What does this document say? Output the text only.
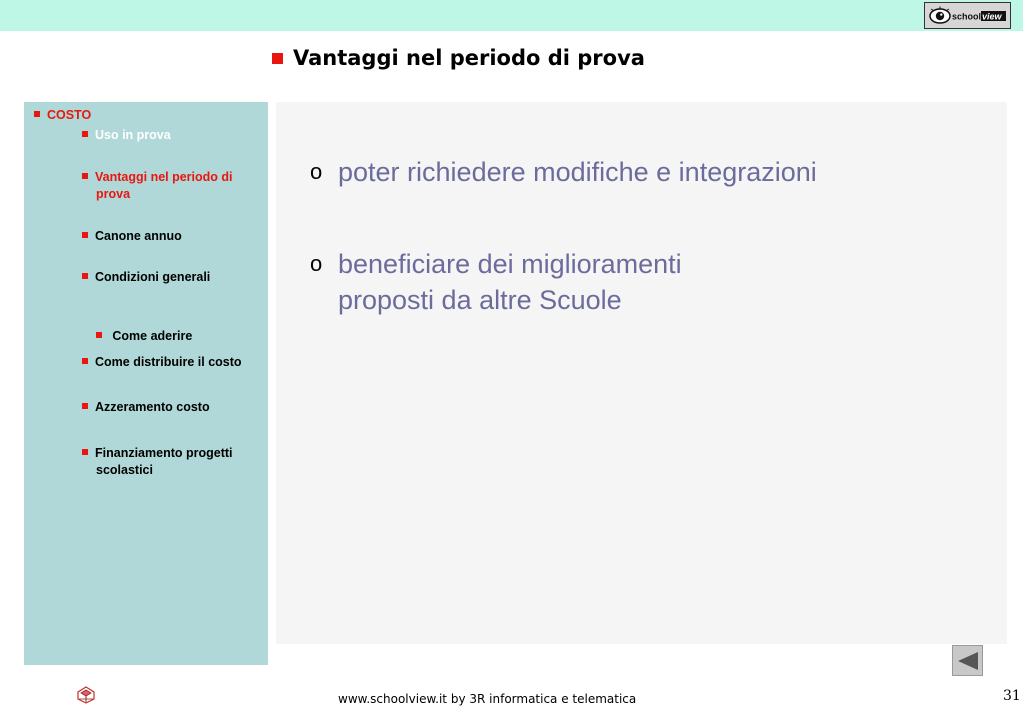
school view
Vantaggi nel periodo di prova
COSTO
Uso in prova
Vantaggi nel periodo di
prova
Canone annuo
Condizioni generali

Come aderire

Come distribuire il costo
Azzeramento costo
Finanziamento progetti
scolastici
o poter richiedere modifiche e integrazioni
o beneficiare dei miglioramenti
proposti da altre Scuole
www.schoolview.it by 3R informatica e telematica	31
